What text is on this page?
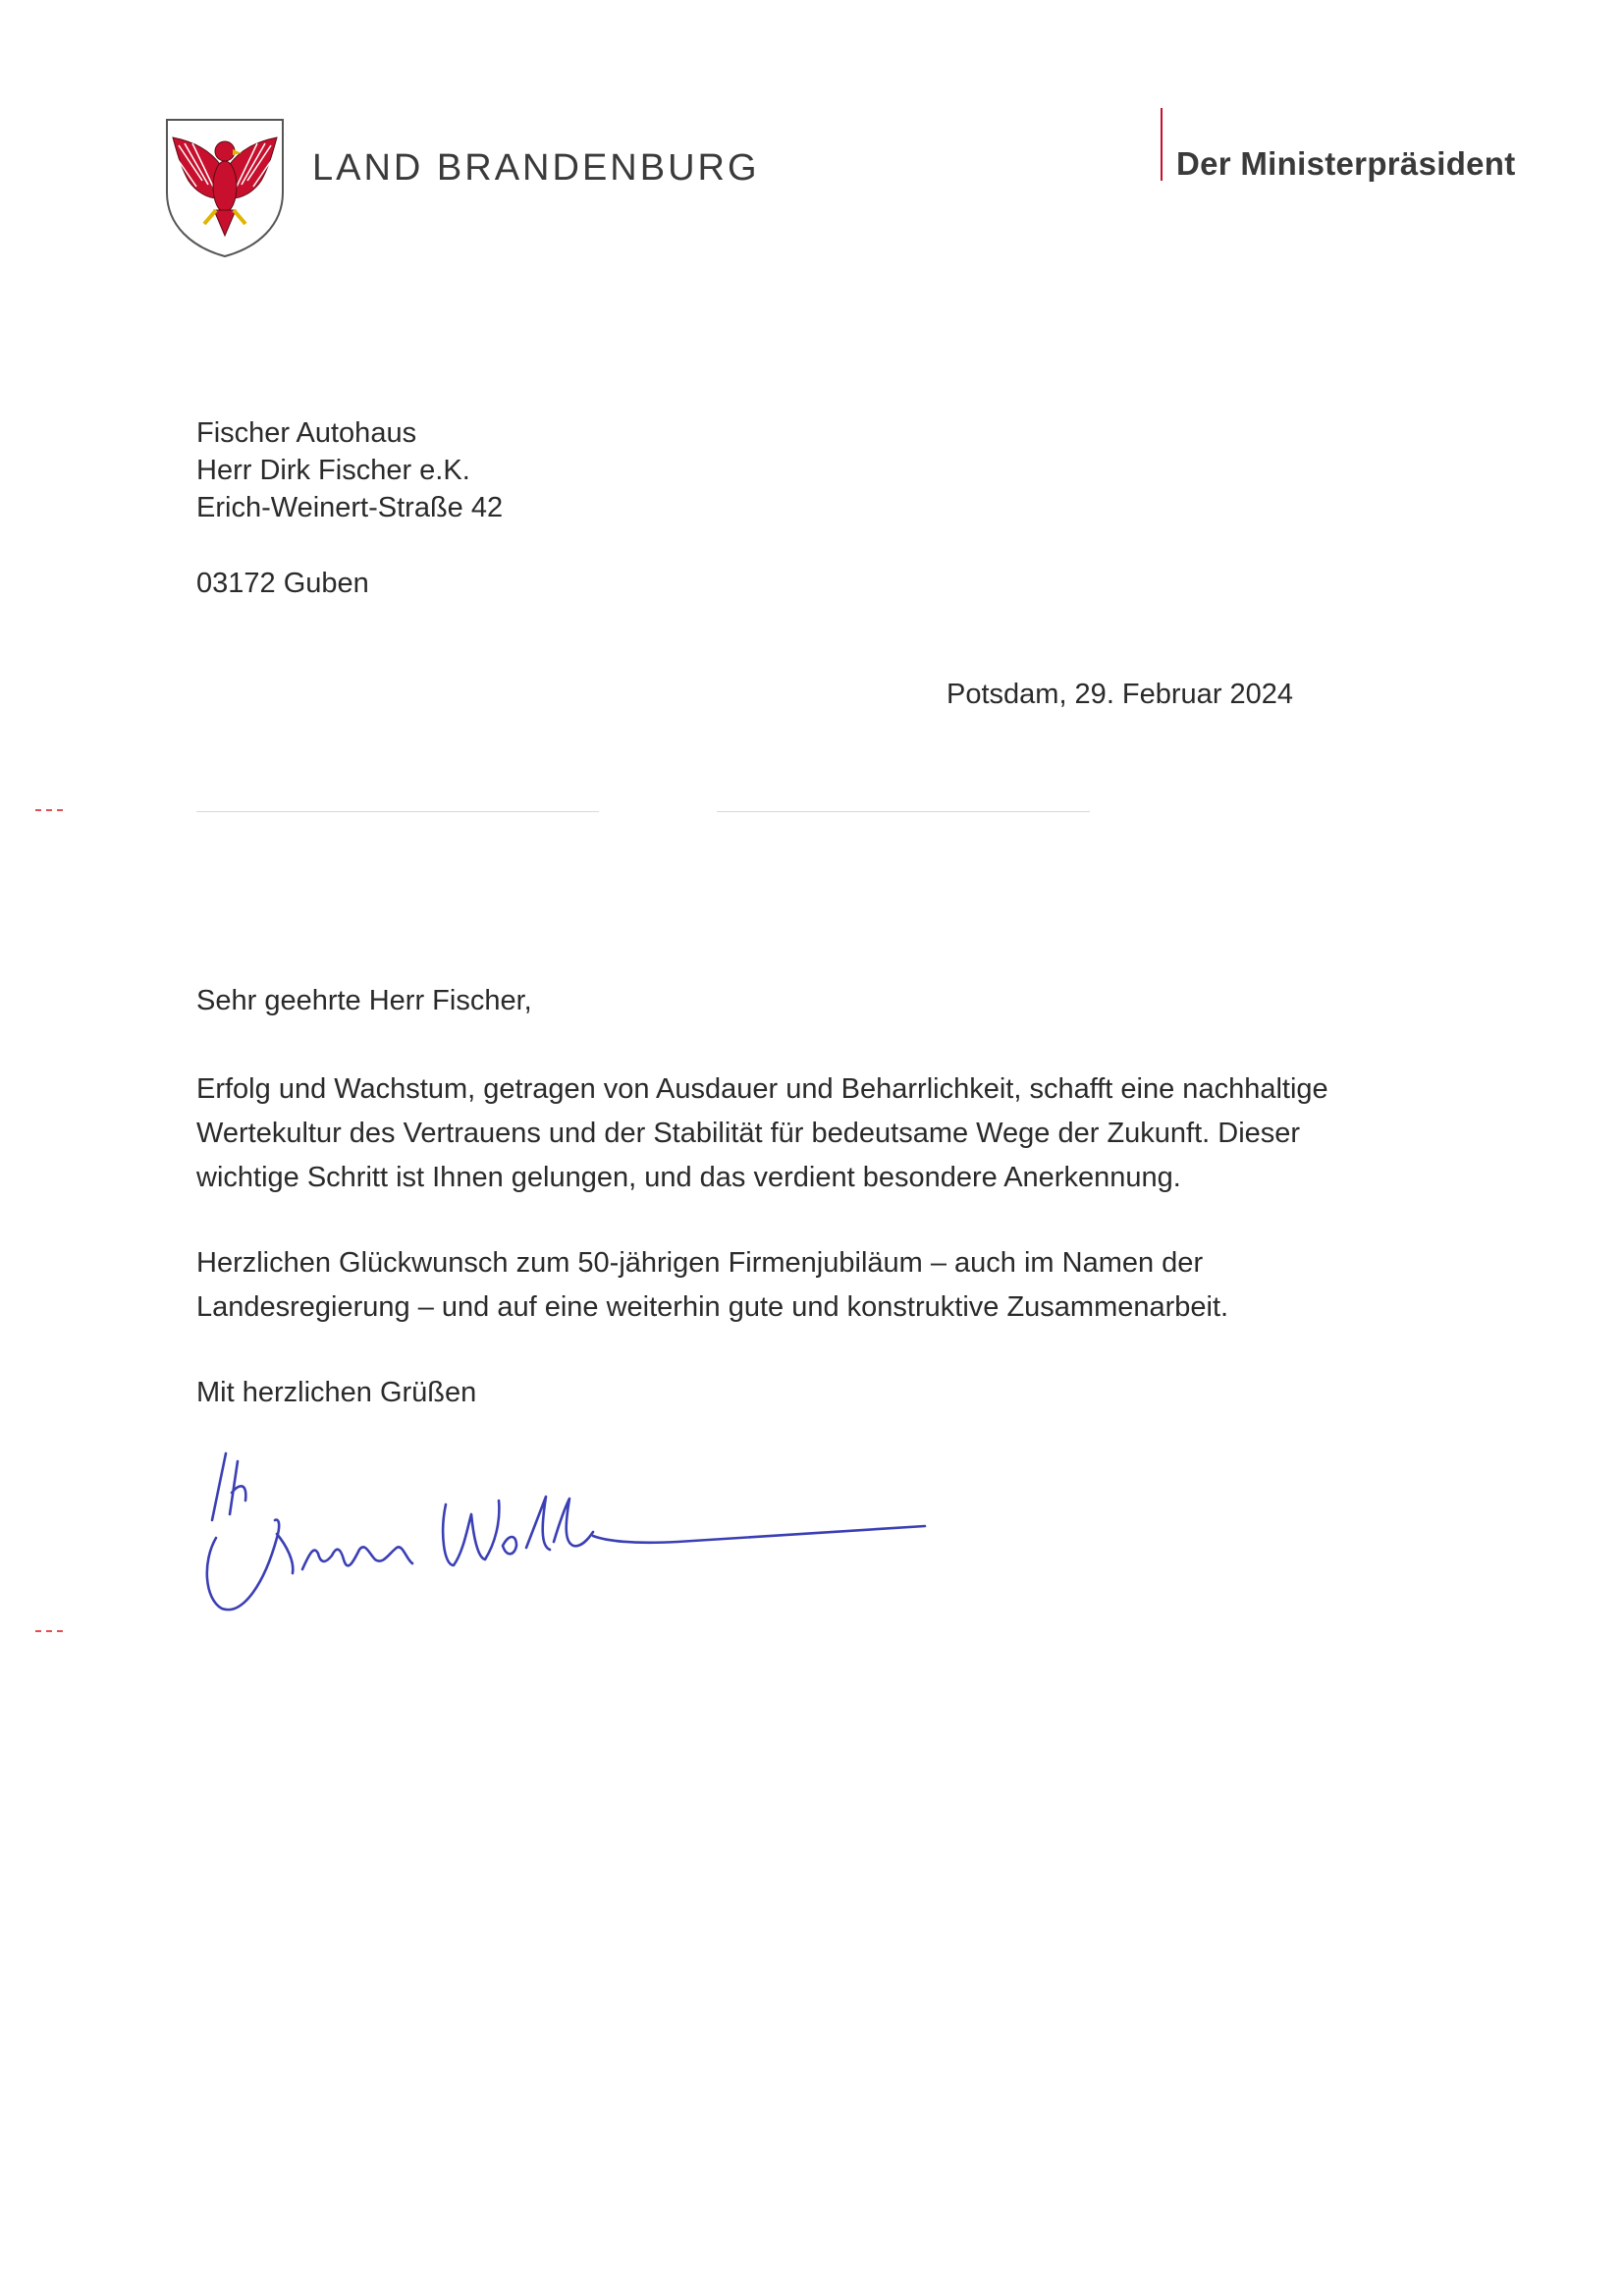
LAND BRANDENBURG	Der Ministerpräsident
Fischer Autohaus
Herr Dirk Fischer e.K.
Erich-Weinert-Straße 42
03172 Guben
Potsdam, 29. Februar 2024
Sehr geehrte Herr Fischer,
Erfolg und Wachstum, getragen von Ausdauer und Beharrlichkeit, schafft eine nachhaltige
Wertekultur des Vertrauens und der Stabilität für bedeutsame Wege der Zukunft. Dieser
wichtige Schritt ist Ihnen gelungen, und das verdient besondere Anerkennung.
Herzlichen Glückwunsch zum 50-jährigen Firmenjubiläum – auch im Namen der
Landesregierung – und auf eine weiterhin gute und konstruktive Zusammenarbeit.
Mit herzlichen Grüßen
